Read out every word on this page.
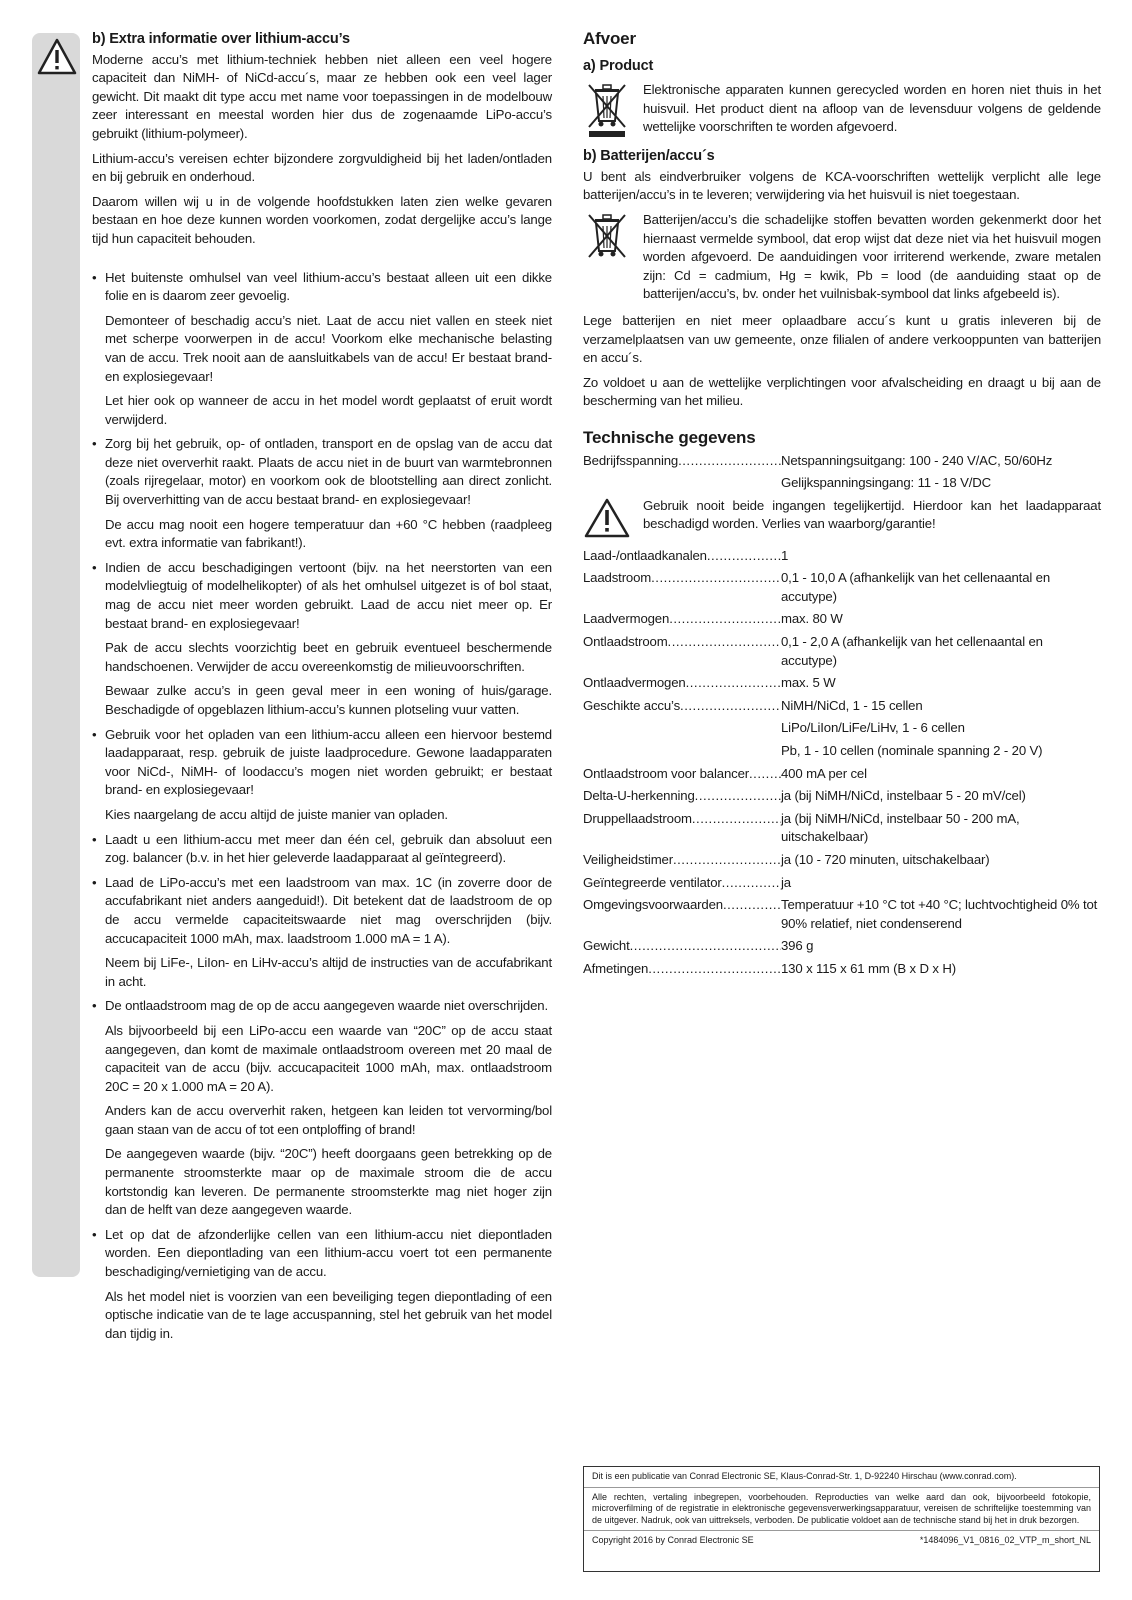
b) Extra informatie over lithium-accu’s

Moderne accu’s met lithium-techniek hebben niet alleen een veel hogere capaciteit dan NiMH- of NiCd-accu´s, maar ze hebben ook een veel lager gewicht. Dit maakt dit type accu met name voor toepassingen in de modelbouw zeer interessant en meestal worden hier dus de zogenaamde LiPo-accu’s gebruikt (lithium-polymeer).

Lithium-accu’s vereisen echter bijzondere zorgvuldigheid bij het laden/ontladen en bij gebruik en onderhoud.

Daarom willen wij u in de volgende hoofdstukken laten zien welke gevaren bestaan en hoe deze kunnen worden voorkomen, zodat dergelijke accu’s lange tijd hun capaciteit behouden.

• Het buitenste omhulsel van veel lithium-accu’s bestaat alleen uit een dikke folie en is daarom zeer gevoelig.

Demonteer of beschadig accu’s niet. Laat de accu niet vallen en steek niet met scherpe voorwerpen in de accu! Voorkom elke mechanische belasting van de accu. Trek nooit aan de aansluitkabels van de accu! Er bestaat brand- en explosiegevaar!

Let hier ook op wanneer de accu in het model wordt geplaatst of eruit wordt verwijderd.

• Zorg bij het gebruik, op- of ontladen, transport en de opslag van de accu dat deze niet oververhit raakt. Plaats de accu niet in de buurt van warmtebronnen (zoals rijregelaar, motor) en voorkom ook de blootstelling aan direct zonlicht. Bij oververhitting van de accu bestaat brand- en explosiegevaar!

De accu mag nooit een hogere temperatuur dan +60 °C hebben (raadpleeg evt. extra informatie van fabrikant!).

• Indien de accu beschadigingen vertoont (bijv. na het neerstorten van een modelvliegtuig of modelhelikopter) of als het omhulsel uitgezet is of bol staat, mag de accu niet meer worden gebruikt. Laad de accu niet meer op. Er bestaat brand- en explosiegevaar!

Pak de accu slechts voorzichtig beet en gebruik eventueel beschermende handschoenen. Verwijder de accu overeenkomstig de milieuvoorschriften.

Bewaar zulke accu’s in geen geval meer in een woning of huis/garage. Beschadigde of opgeblazen lithium-accu’s kunnen plotseling vuur vatten.

• Gebruik voor het opladen van een lithium-accu alleen een hiervoor bestemd laadapparaat, resp. gebruik de juiste laadprocedure. Gewone laadapparaten voor NiCd-, NiMH- of loodaccu’s mogen niet worden gebruikt; er bestaat brand- en explosiegevaar!

Kies naargelang de accu altijd de juiste manier van opladen.

• Laadt u een lithium-accu met meer dan één cel, gebruik dan absoluut een zog. balancer (b.v. in het hier geleverde laadapparaat al geïntegreerd).

• Laad de LiPo-accu’s met een laadstroom van max. 1C (in zoverre door de accufabrikant niet anders aangeduid!). Dit betekent dat de laadstroom de op de accu vermelde capaciteitswaarde niet mag overschrijden (bijv. accucapaciteit 1000 mAh, max. laadstroom 1.000 mA = 1 A).

Neem bij LiFe-, LiIon- en LiHv-accu’s altijd de instructies van de accufabrikant in acht.

• De ontlaadstroom mag de op de accu aangegeven waarde niet overschrijden.

Als bijvoorbeeld bij een LiPo-accu een waarde van “20C” op de accu staat aangegeven, dan komt de maximale ontlaadstroom overeen met 20 maal de capaciteit van de accu (bijv. accucapaciteit 1000 mAh, max. ontlaadstroom 20C = 20 x 1.000 mA = 20 A).

Anders kan de accu oververhit raken, hetgeen kan leiden tot vervorming/bol gaan staan van de accu of tot een ontploffing of brand!

De aangegeven waarde (bijv. “20C”) heeft doorgaans geen betrekking op de permanente stroomsterkte maar op de maximale stroom die de accu kortstondig kan leveren. De permanente stroomsterkte mag niet hoger zijn dan de helft van deze aangegeven waarde.

• Let op dat de afzonderlijke cellen van een lithium-accu niet diepontladen worden. Een diepontlading van een lithium-accu voert tot een permanente beschadiging/vernietiging van de accu.

Als het model niet is voorzien van een beveiliging tegen diepontlading of een optische indicatie van de te lage accuspanning, stel het gebruik van het model dan tijdig in.

Afvoer
a) Product

Elektronische apparaten kunnen gerecycled worden en horen niet thuis in het huisvuil. Het product dient na afloop van de levensduur volgens de geldende wettelijke voorschriften te worden afgevoerd.

b) Batterijen/accu´s

U bent als eindverbruiker volgens de KCA-voorschriften wettelijk verplicht alle lege batterijen/accu’s in te leveren; verwijdering via het huisvuil is niet toegestaan.

Batterijen/accu’s die schadelijke stoffen bevatten worden gekenmerkt door het hiernaast vermelde symbool, dat erop wijst dat deze niet via het huisvuil mogen worden afgevoerd. De aanduidingen voor irriterend werkende, zware metalen zijn: Cd = cadmium, Hg = kwik, Pb = lood (de aanduiding staat op de batterijen/accu’s, bv. onder het vuilnisbak-symbool dat links afgebeeld is).

Lege batterijen en niet meer oplaadbare accu´s kunt u gratis inleveren bij de verzamelplaatsen van uw gemeente, onze filialen of andere verkooppunten van batterijen en accu´s.

Zo voldoet u aan de wettelijke verplichtingen voor afvalscheiding en draagt u bij aan de bescherming van het milieu.

Technische gegevens
Bedrijfsspanning .....	Netspanningsuitgang: 100 - 240 V/AC, 50/60Hz
Gelijkspanningsingang: 11 - 18 V/DC

Gebruik nooit beide ingangen tegelijkertijd. Hierdoor kan het laadapparaat beschadigd worden. Verlies van waarborg/garantie!

Laad-/ontlaadkanalen .....	1
Laadstroom .....	0,1 - 10,0 A (afhankelijk van het cellenaantal en accutype)
Laadvermogen .....	max. 80 W
Ontlaadstroom .....	0,1 - 2,0 A (afhankelijk van het cellenaantal en accutype)
Ontlaadvermogen .....	max. 5 W
Geschikte accu’s .....	NiMH/NiCd, 1 - 15 cellen
LiPo/LiIon/LiFe/LiHv, 1 - 6 cellen
Pb, 1 - 10 cellen (nominale spanning 2 - 20 V)
Ontlaadstroom voor balancer ..... 400 mA per cel
Delta-U-herkenning .....	ja (bij NiMH/NiCd, instelbaar 5 - 20 mV/cel)
Druppellaadstroom .....	ja (bij NiMH/NiCd, instelbaar 50 - 200 mA, uitschakelbaar)
Veiligheidstimer .....	ja (10 - 720 minuten, uitschakelbaar)
Geïntegreerde ventilator .....	ja
Omgevingsvoorwaarden .....	Temperatuur +10 °C tot +40 °C; luchtvochtigheid 0% tot 90% relatief, niet condenserend
Gewicht .....	396 g
Afmetingen .....	130 x 115 x 61 mm (B x D x H)

Dit is een publicatie van Conrad Electronic SE, Klaus-Conrad-Str. 1, D-92240 Hirschau (www.conrad.com).

Alle rechten, vertaling inbegrepen, voorbehouden. Reproducties van welke aard dan ook, bijvoorbeeld fotokopie, microverfilming of de registratie in elektronische gegevensverwerkingsapparatuur, vereisen de schriftelijke toestemming van de uitgever. Nadruk, ook van uittreksels, verboden. De publicatie voldoet aan de technische stand bij het in druk bezorgen.

Copyright 2016 by Conrad Electronic SE	*1484096_V1_0816_02_VTP_m_short_NL
